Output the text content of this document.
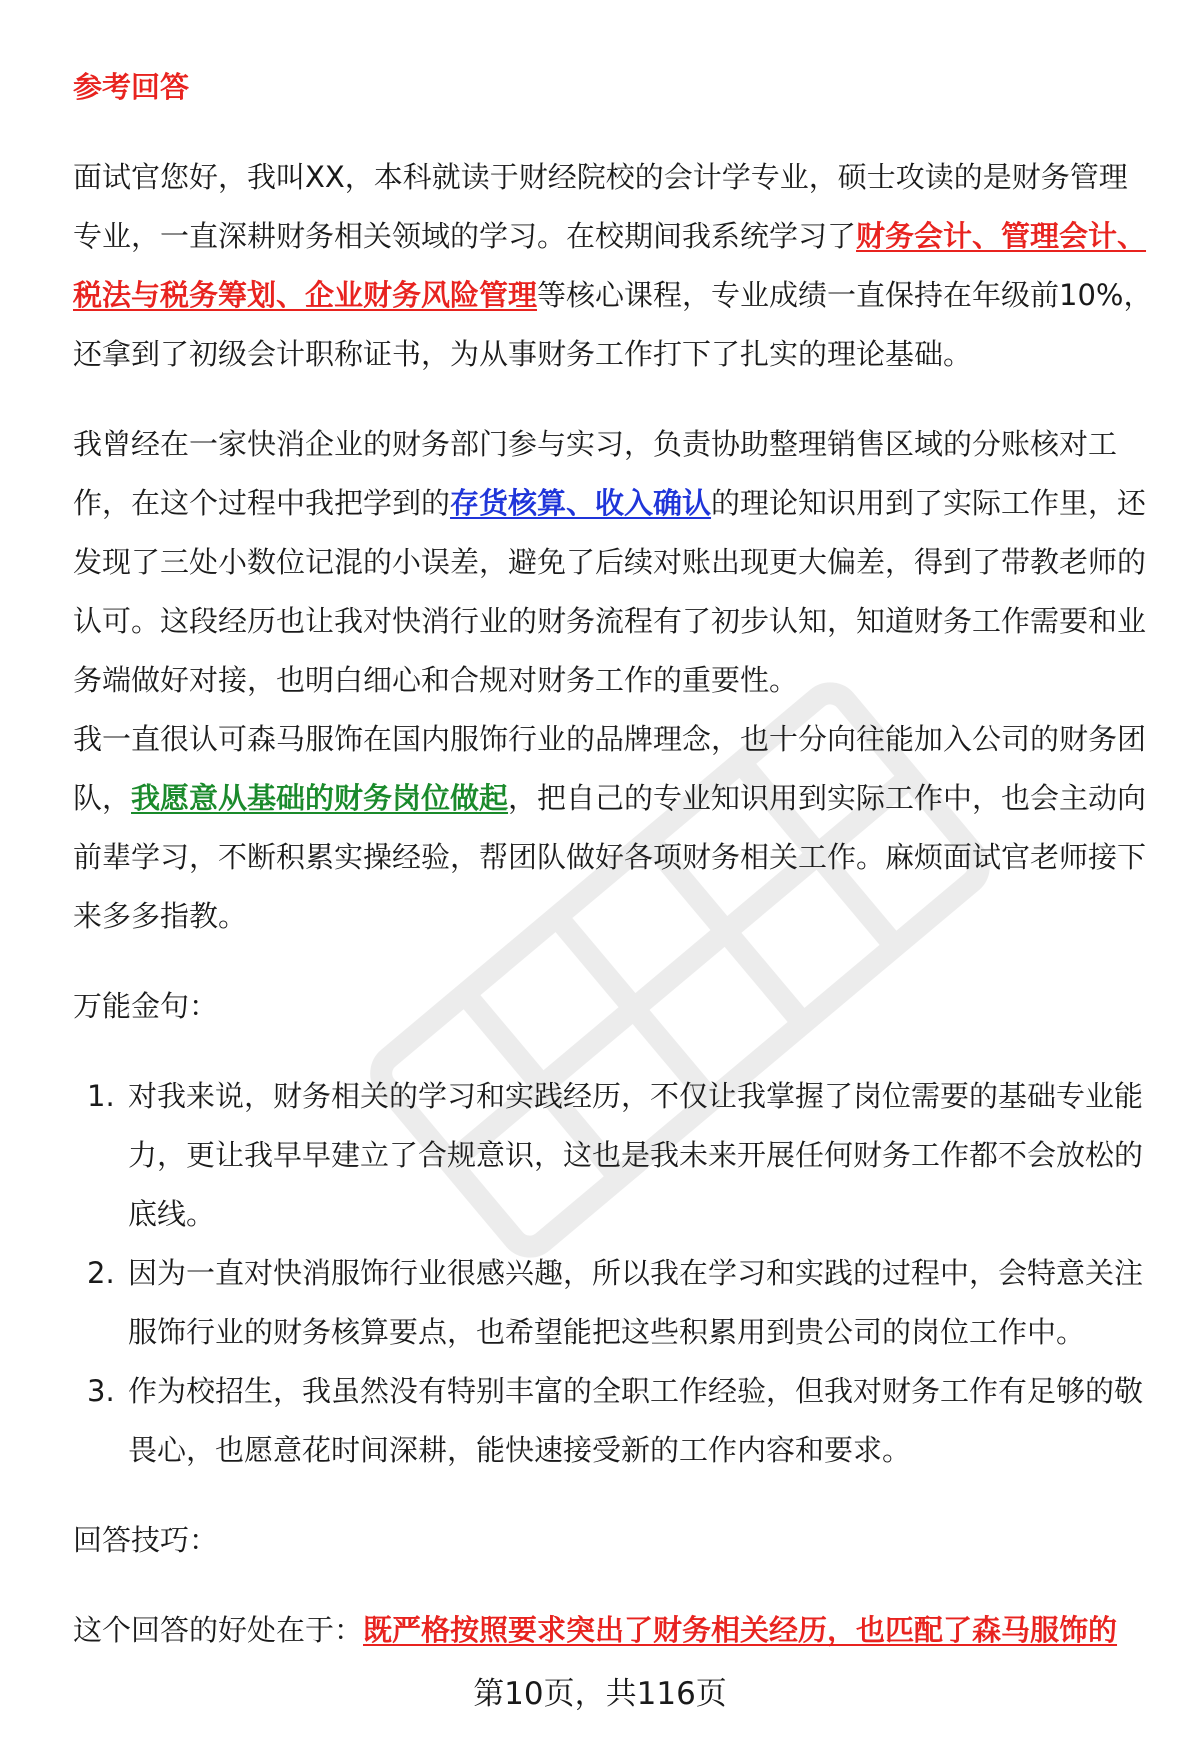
参考回答

面试官您好，我叫XX，本科就读于财经院校的会计学专业，硕士攻读的是财务管理专业，一直深耕财务相关领域的学习。在校期间我系统学习了财务会计、管理会计、税法与税务筹划、企业财务风险管理等核心课程，专业成绩一直保持在年级前10%，还拿到了初级会计职称证书，为从事财务工作打下了扎实的理论基础。

我曾经在一家快消企业的财务部门参与实习，负责协助整理销售区域的分账核对工作，在这个过程中我把学到的存货核算、收入确认的理论知识用到了实际工作里，还发现了三处小数位记混的小误差，避免了后续对账出现更大偏差，得到了带教老师的认可。这段经历也让我对快消行业的财务流程有了初步认知，知道财务工作需要和业务端做好对接，也明白细心和合规对财务工作的重要性。

我一直很认可森马服饰在国内服饰行业的品牌理念，也十分向往能加入公司的财务团队，我愿意从基础的财务岗位做起，把自己的专业知识用到实际工作中，也会主动向前辈学习，不断积累实操经验，帮团队做好各项财务相关工作。麻烦面试官老师接下来多多指教。

万能金句：

1. 对我来说，财务相关的学习和实践经历，不仅让我掌握了岗位需要的基础专业能力，更让我早早建立了合规意识，这也是我未来开展任何财务工作都不会放松的底线。
2. 因为一直对快消服饰行业很感兴趣，所以我在学习和实践的过程中，会特意关注服饰行业的财务核算要点，也希望能把这些积累用到贵公司的岗位工作中。
3. 作为校招生，我虽然没有特别丰富的全职工作经验，但我对财务工作有足够的敬畏心，也愿意花时间深耕，能快速接受新的工作内容和要求。

回答技巧：

这个回答的好处在于：既严格按照要求突出了财务相关经历，也匹配了森马服饰的

第10页，共116页
